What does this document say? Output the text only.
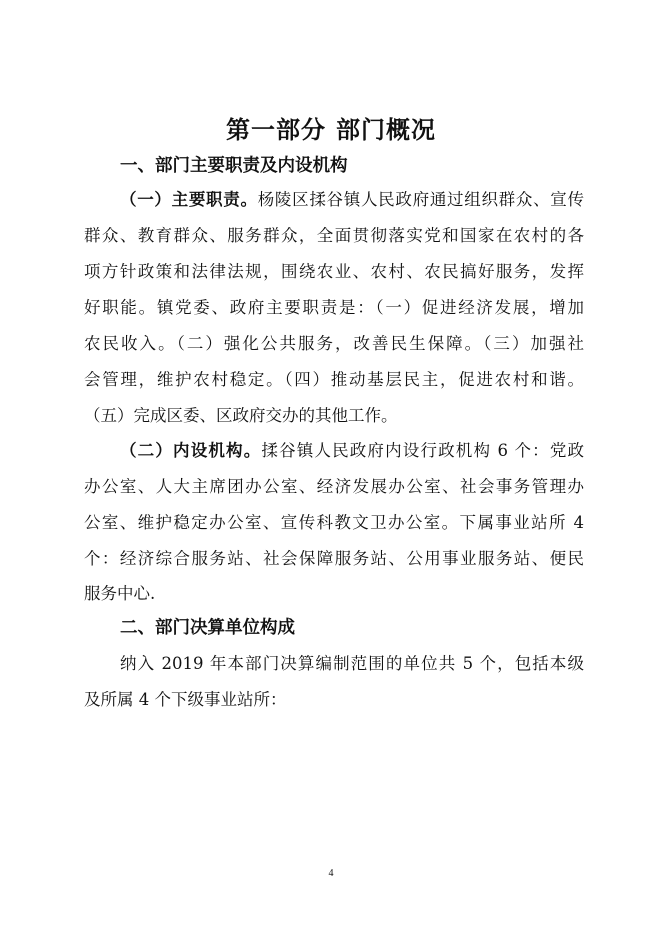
第一部分 部门概况
一、部门主要职责及内设机构
（一）主要职责。杨陵区揉谷镇人民政府通过组织群众、宣传
群众、教育群众、服务群众，全面贯彻落实党和国家在农村的各
项方针政策和法律法规，围绕农业、农村、农民搞好服务，发挥
好职能。镇党委、政府主要职责是：（一）促进经济发展，增加
农民收入。（二）强化公共服务，改善民生保障。（三）加强社
会管理，维护农村稳定。（四）推动基层民主，促进农村和谐。
（五）完成区委、区政府交办的其他工作。
（二）内设机构。揉谷镇人民政府内设行政机构 6 个：党政
办公室、人大主席团办公室、经济发展办公室、社会事务管理办
公室、维护稳定办公室、宣传科教文卫办公室。下属事业站所 4
个：经济综合服务站、社会保障服务站、公用事业服务站、便民
服务中心.
二、部门决算单位构成
纳入 2019 年本部门决算编制范围的单位共 5 个，包括本级
及所属 4 个下级事业站所：
4
